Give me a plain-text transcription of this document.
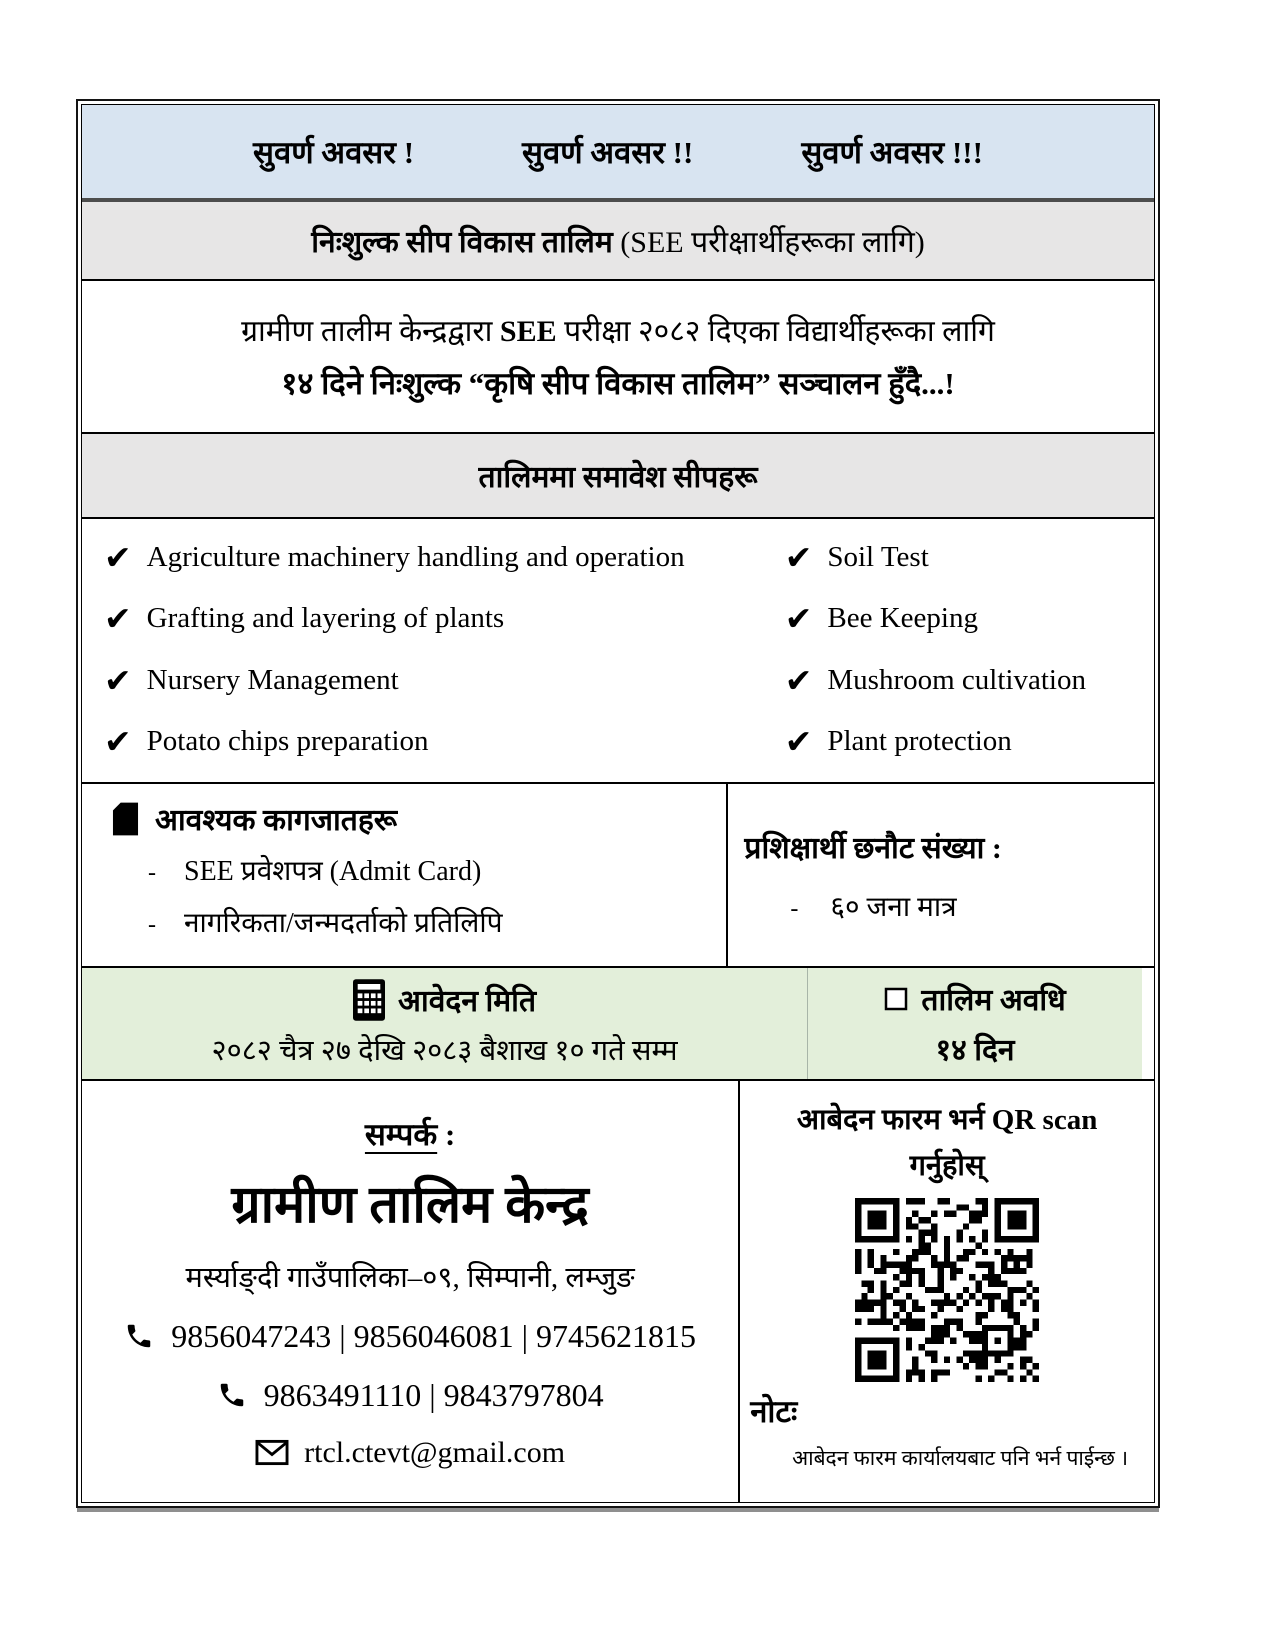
सुवर्ण अवसर !	सुवर्ण अवसर !!	सुवर्ण अवसर !!!
निःशुल्क सीप विकास तालिम (SEE परीक्षार्थीहरूका लागि)

ग्रामीण तालीम केन्द्रद्वारा SEE परीक्षा २०८२ दिएका विद्यार्थीहरूका लागि

१४ दिने निःशुल्क “कृषि सीप विकास तालिम” सञ्चालन हुँदै...!

तालिममा समावेश सीपहरू
✔ Agriculture machinery handling and operation
✔ Grafting and layering of plants
✔ Nursery Management
✔ Potato chips preparation
✔ Soil Test
✔ Bee Keeping
✔ Mushroom cultivation
✔ Plant protection
आवश्यक कागजातहरू
- SEE प्रवेशपत्र (Admit Card)
- नागरिकता/जन्मदर्ताको प्रतिलिपि
प्रशिक्षार्थी छनौट संख्या :
- ६० जना मात्र
आवेदन मिति
२०८२ चैत्र २७ देखि २०८३ बैशाख १० गते सम्म
तालिम अवधि
१४ दिन
सम्पर्क :
ग्रामीण तालिम केन्द्र
मर्स्याङ्दी गाउँपालिका–०९, सिम्पानी, लम्जुङ
9856047243 | 9856046081 | 9745621815
9863491110 | 9843797804
rtcl.ctevt@gmail.com
आबेदन फारम भर्न QR scan
गर्नुहोस्
नोटः
आबेदन फारम कार्यालयबाट पनि भर्न पाईन्छ ।
